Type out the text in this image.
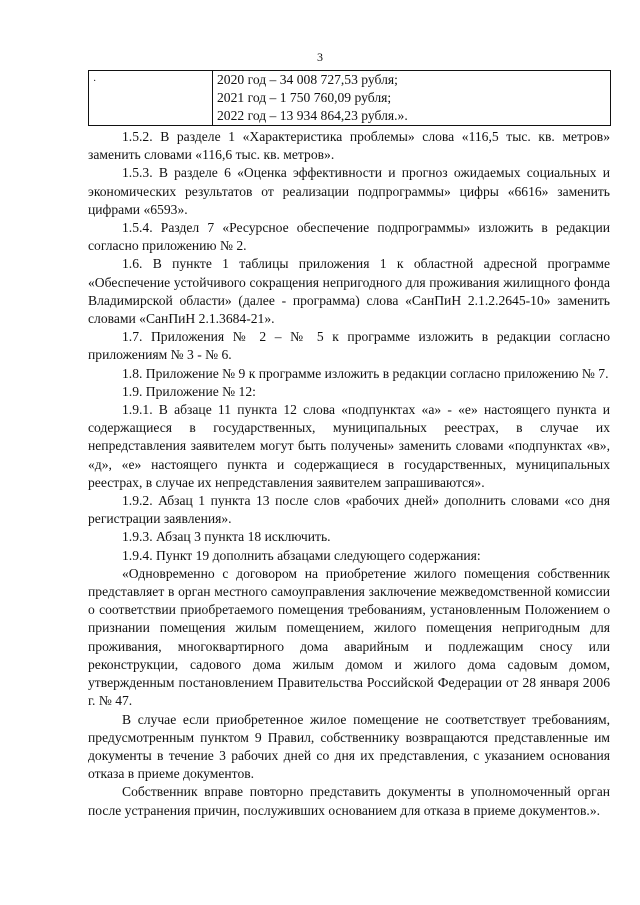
3
·	2020 год – 34 008 727,53 рубля;
2021 год – 1 750 760,09 рубля;
2022 год – 13 934 864,23 рубля.».

1.5.2. В разделе 1 «Характеристика проблемы» слова «116,5 тыс. кв. метров» заменить словами «116,6 тыс. кв. метров».

1.5.3. В разделе 6 «Оценка эффективности и прогноз ожидаемых социальных и экономических результатов от реализации подпрограммы» цифры «6616» заменить цифрами «6593».

1.5.4. Раздел 7 «Ресурсное обеспечение подпрограммы» изложить в редакции согласно приложению № 2.

1.6. В пункте 1 таблицы приложения 1 к областной адресной программе «Обеспечение устойчивого сокращения непригодного для проживания жилищного фонда Владимирской области» (далее - программа) слова «СанПиН 2.1.2.2645-10» заменить словами «СанПиН 2.1.3684-21».

1.7. Приложения № 2 – № 5 к программе изложить в редакции согласно приложениям № 3 - № 6.

1.8. Приложение № 9 к программе изложить в редакции согласно приложению № 7.

1.9. Приложение № 12:

1.9.1. В абзаце 11 пункта 12 слова «подпунктах «а» - «е» настоящего пункта и содержащиеся в государственных, муниципальных реестрах, в случае их непредставления заявителем могут быть получены» заменить словами «подпунктах «в», «д», «е» настоящего пункта и содержащиеся в государственных, муниципальных реестрах, в случае их непредставления заявителем запрашиваются».

1.9.2. Абзац 1 пункта 13 после слов «рабочих дней» дополнить словами «со дня регистрации заявления».

1.9.3. Абзац 3 пункта 18 исключить.

1.9.4. Пункт 19 дополнить абзацами следующего содержания:

«Одновременно с договором на приобретение жилого помещения собственник представляет в орган местного самоуправления заключение межведомственной комиссии о соответствии приобретаемого помещения требованиям, установленным Положением о признании помещения жилым помещением, жилого помещения непригодным для проживания, многоквартирного дома аварийным и подлежащим сносу или реконструкции, садового дома жилым домом и жилого дома садовым домом, утвержденным постановлением Правительства Российской Федерации от 28 января 2006 г. № 47.

В случае если приобретенное жилое помещение не соответствует требованиям, предусмотренным пунктом 9 Правил, собственнику возвращаются представленные им документы в течение 3 рабочих дней со дня их представления, с указанием основания отказа в приеме документов.

Собственник вправе повторно представить документы в уполномоченный орган после устранения причин, послуживших основанием для отказа в приеме документов.».
